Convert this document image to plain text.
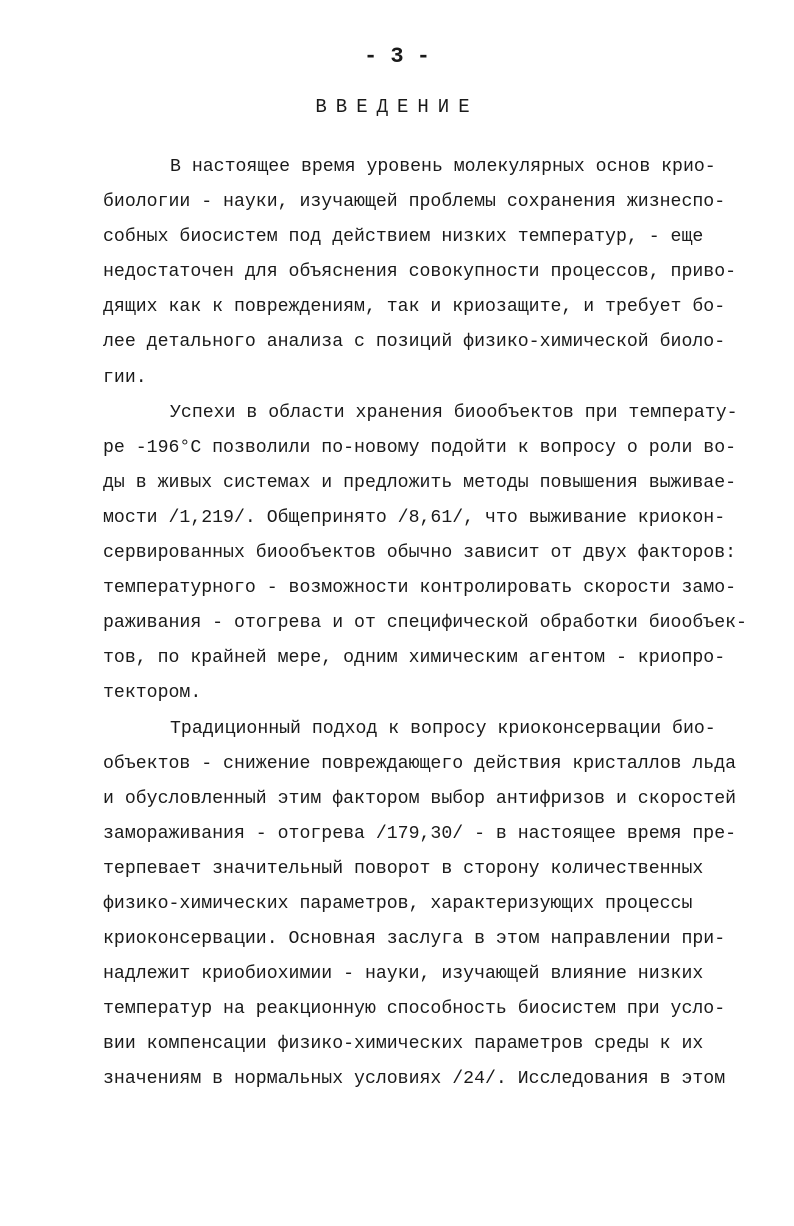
- 3 -
ВВЕДЕНИЕ
В настоящее время уровень молекулярных основ крио-
биологии - науки, изучающей проблемы сохранения жизнеспо-
собных биосистем под действием низких температур, - еще
недостаточен для объяснения совокупности процессов, приво-
дящих как к повреждениям, так и криозащите, и требует бо-
лее детального анализа с позиций физико-химической биоло-
гии.
Успехи в области хранения биообъектов при температу-
ре -196°С позволили по-новому подойти к вопросу о роли во-
ды в живых системах и предложить методы повышения выживае-
мости /1,219/. Общепринято /8,61/, что выживание криокон-
сервированных биообъектов обычно зависит от двух факторов:
температурного - возможности контролировать скорости замо-
раживания - отогрева и от специфической обработки биообъек-
тов, по крайней мере, одним химическим агентом - криопро-
тектором.
Традиционный подход к вопросу криоконсервации био-
объектов - снижение повреждающего действия кристаллов льда
и обусловленный этим фактором выбор антифризов и скоростей
замораживания - отогрева /179,30/ - в настоящее время пре-
терпевает значительный поворот в сторону количественных
физико-химических параметров, характеризующих процессы
криоконсервации. Основная заслуга в этом направлении при-
надлежит криобиохимии - науки, изучающей влияние низких
температур на реакционную способность биосистем при усло-
вии компенсации физико-химических параметров среды к их
значениям в нормальных условиях /24/. Исследования в этом
